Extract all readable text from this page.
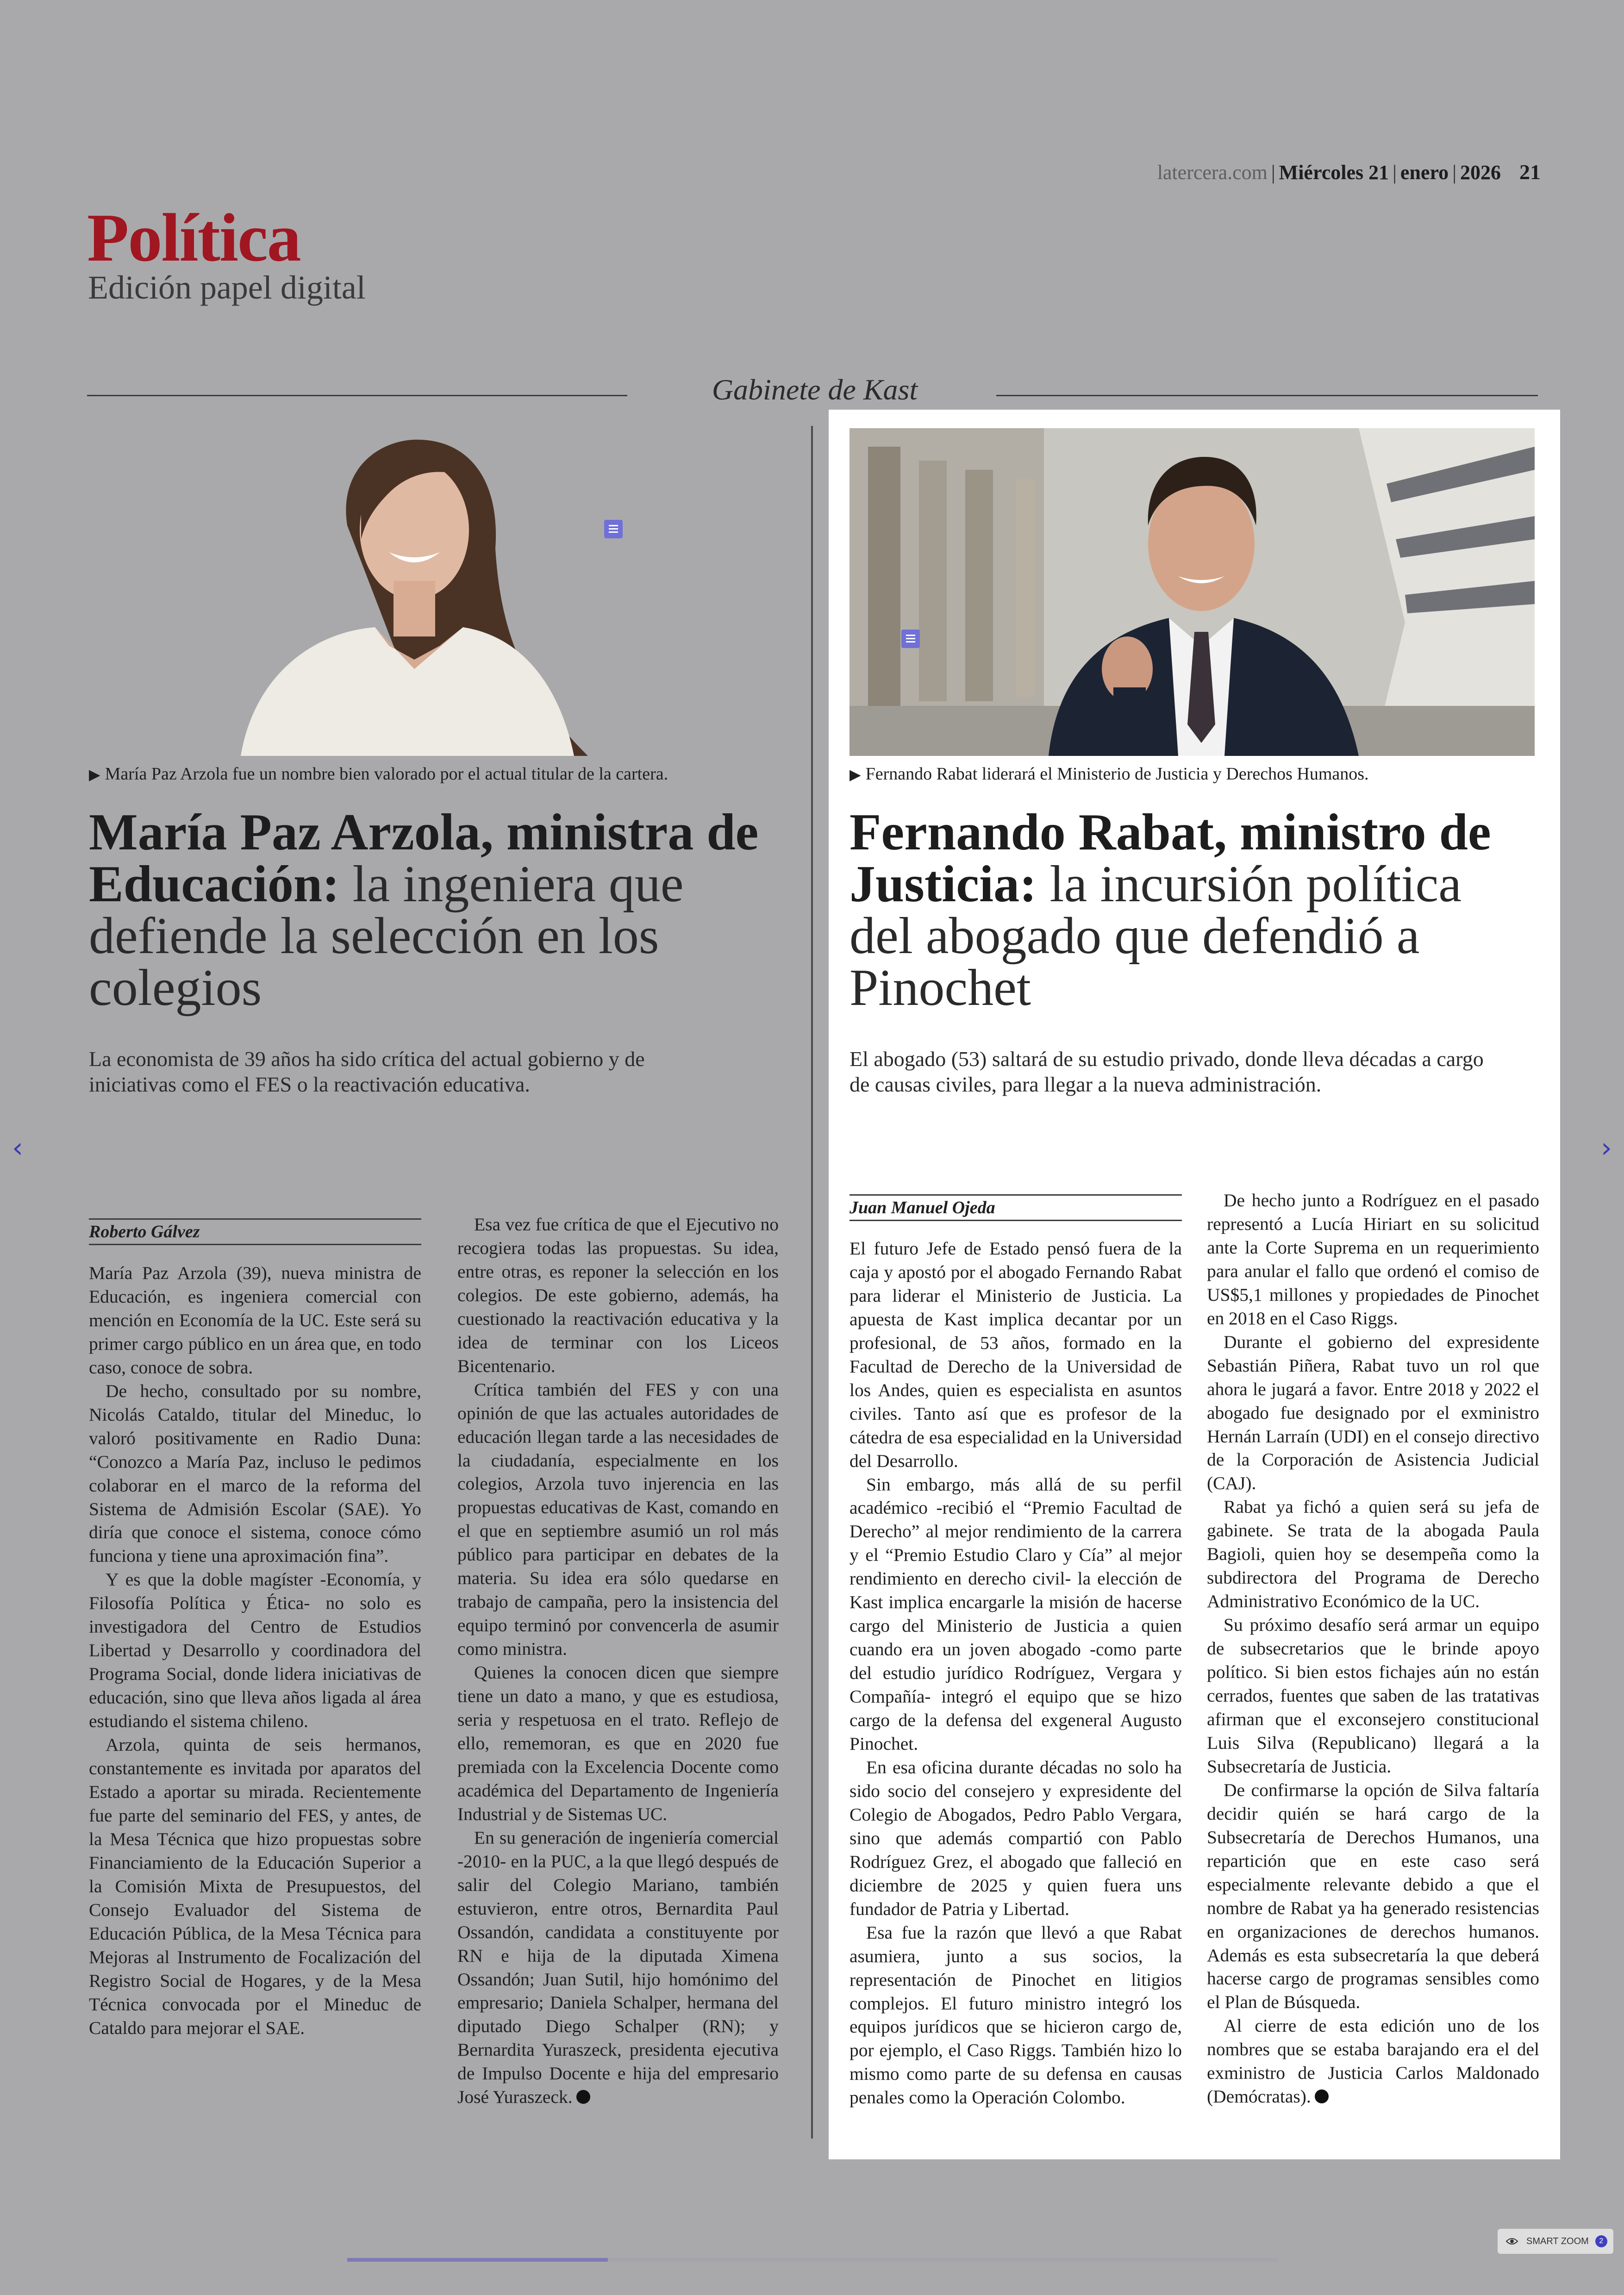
latercera.com | Miércoles 21 | enero | 2026 21
Política
Edición papel digital
Gabinete de Kast
▶ María Paz Arzola fue un nombre bien valorado por el actual titular de la cartera.
María Paz Arzola, ministra de Educación: la ingeniera que defiende la selección en los colegios

La economista de 39 años ha sido crítica del actual gobierno y de iniciativas como el FES o la reactivación educativa.

Roberto Gálvez

María Paz Arzola (39), nueva ministra de Educación, es ingeniera comercial con mención en Economía de la UC. Este será su primer cargo público en un área que, en todo caso, conoce de sobra.

De hecho, consultado por su nombre, Nicolás Cataldo, titular del Mineduc, lo valoró positivamente en Radio Duna: “Conozco a María Paz, incluso le pedimos colaborar en el marco de la reforma del Sistema de Admisión Escolar (SAE). Yo diría que conoce el sistema, conoce cómo funciona y tiene una aproximación fina”.

Y es que la doble magíster -Economía, y Filosofía Política y Ética- no solo es investigadora del Centro de Estudios Libertad y Desarrollo y coordinadora del Programa Social, donde lidera iniciativas de educación, sino que lleva años ligada al área estudiando el sistema chileno.

Arzola, quinta de seis hermanos, constantemente es invitada por aparatos del Estado a aportar su mirada. Recientemente fue parte del seminario del FES, y antes, de la Mesa Técnica que hizo propuestas sobre Financiamiento de la Educación Superior a la Comisión Mixta de Presupuestos, del Consejo Evaluador del Sistema de Educación Pública, de la Mesa Técnica para Mejoras al Instrumento de Focalización del Registro Social de Hogares, y de la Mesa Técnica convocada por el Mineduc de Cataldo para mejorar el SAE.

Esa vez fue crítica de que el Ejecutivo no recogiera todas las propuestas. Su idea, entre otras, es reponer la selección en los colegios. De este gobierno, además, ha cuestionado la reactivación educativa y la idea de terminar con los Liceos Bicentenario.

Crítica también del FES y con una opinión de que las actuales autoridades de educación llegan tarde a las necesidades de la ciudadanía, especialmente en los colegios, Arzola tuvo injerencia en las propuestas educativas de Kast, comando en el que en septiembre asumió un rol más público para participar en debates de la materia. Su idea era sólo quedarse en trabajo de campaña, pero la insistencia del equipo terminó por convencerla de asumir como ministra.

Quienes la conocen dicen que siempre tiene un dato a mano, y que es estudiosa, seria y respetuosa en el trato. Reflejo de ello, rememoran, es que en 2020 fue premiada con la Excelencia Docente como académica del Departamento de Ingeniería Industrial y de Sistemas UC.

En su generación de ingeniería comercial -2010- en la PUC, a la que llegó después de salir del Colegio Mariano, también estuvieron, entre otros, Bernardita Paul Ossandón, candidata a constituyente por RN e hija de la diputada Ximena Ossandón; Juan Sutil, hijo homónimo del empresario; Daniela Schalper, hermana del diputado Diego Schalper (RN); y Bernardita Yuraszeck, presidenta ejecutiva de Impulso Docente e hija del empresario José Yuraszeck.

▶ Fernando Rabat liderará el Ministerio de Justicia y Derechos Humanos.
Fernando Rabat, ministro de Justicia: la incursión política del abogado que defendió a Pinochet

El abogado (53) saltará de su estudio privado, donde lleva décadas a cargo de causas civiles, para llegar a la nueva administración.

Juan Manuel Ojeda

El futuro Jefe de Estado pensó fuera de la caja y apostó por el abogado Fernando Rabat para liderar el Ministerio de Justicia. La apuesta de Kast implica decantar por un profesional, de 53 años, formado en la Facultad de Derecho de la Universidad de los Andes, quien es especialista en asuntos civiles. Tanto así que es profesor de la cátedra de esa especialidad en la Universidad del Desarrollo.

Sin embargo, más allá de su perfil académico -recibió el “Premio Facultad de Derecho” al mejor rendimiento de la carrera y el “Premio Estudio Claro y Cía” al mejor rendimiento en derecho civil- la elección de Kast implica encargarle la misión de hacerse cargo del Ministerio de Justicia a quien cuando era un joven abogado -como parte del estudio jurídico Rodríguez, Vergara y Compañía- integró el equipo que se hizo cargo de la defensa del exgeneral Augusto Pinochet.

En esa oficina durante décadas no solo ha sido socio del consejero y expresidente del Colegio de Abogados, Pedro Pablo Vergara, sino que además compartió con Pablo Rodríguez Grez, el abogado que falleció en diciembre de 2025 y quien fuera uns fundador de Patria y Libertad.

Esa fue la razón que llevó a que Rabat asumiera, junto a sus socios, la representación de Pinochet en litigios complejos. El futuro ministro integró los equipos jurídicos que se hicieron cargo de, por ejemplo, el Caso Riggs. También hizo lo mismo como parte de su defensa en causas penales como la Operación Colombo.

De hecho junto a Rodríguez en el pasado representó a Lucía Hiriart en su solicitud ante la Corte Suprema en un requerimiento para anular el fallo que ordenó el comiso de US$5,1 millones y propiedades de Pinochet en 2018 en el Caso Riggs.

Durante el gobierno del expresidente Sebastián Piñera, Rabat tuvo un rol que ahora le jugará a favor. Entre 2018 y 2022 el abogado fue designado por el exministro Hernán Larraín (UDI) en el consejo directivo de la Corporación de Asistencia Judicial (CAJ).

Rabat ya fichó a quien será su jefa de gabinete. Se trata de la abogada Paula Bagioli, quien hoy se desempeña como la subdirectora del Programa de Derecho Administrativo Económico de la UC.

Su próximo desafío será armar un equipo de subsecretarios que le brinde apoyo político. Si bien estos fichajes aún no están cerrados, fuentes que saben de las tratativas afirman que el exconsejero constitucional Luis Silva (Republicano) llegará a la Subsecretaría de Justicia.

De confirmarse la opción de Silva faltaría decidir quién se hará cargo de la Subsecretaría de Derechos Humanos, una repartición que en este caso será especialmente relevante debido a que el nombre de Rabat ya ha generado resistencias en organizaciones de derechos humanos. Además es esta subsecretaría la que deberá hacerse cargo de programas sensibles como el Plan de Búsqueda.

Al cierre de esta edición uno de los nombres que se estaba barajando era el del exministro de Justicia Carlos Maldonado (Demócratas).

‹	›
SMART ZOOM	2
